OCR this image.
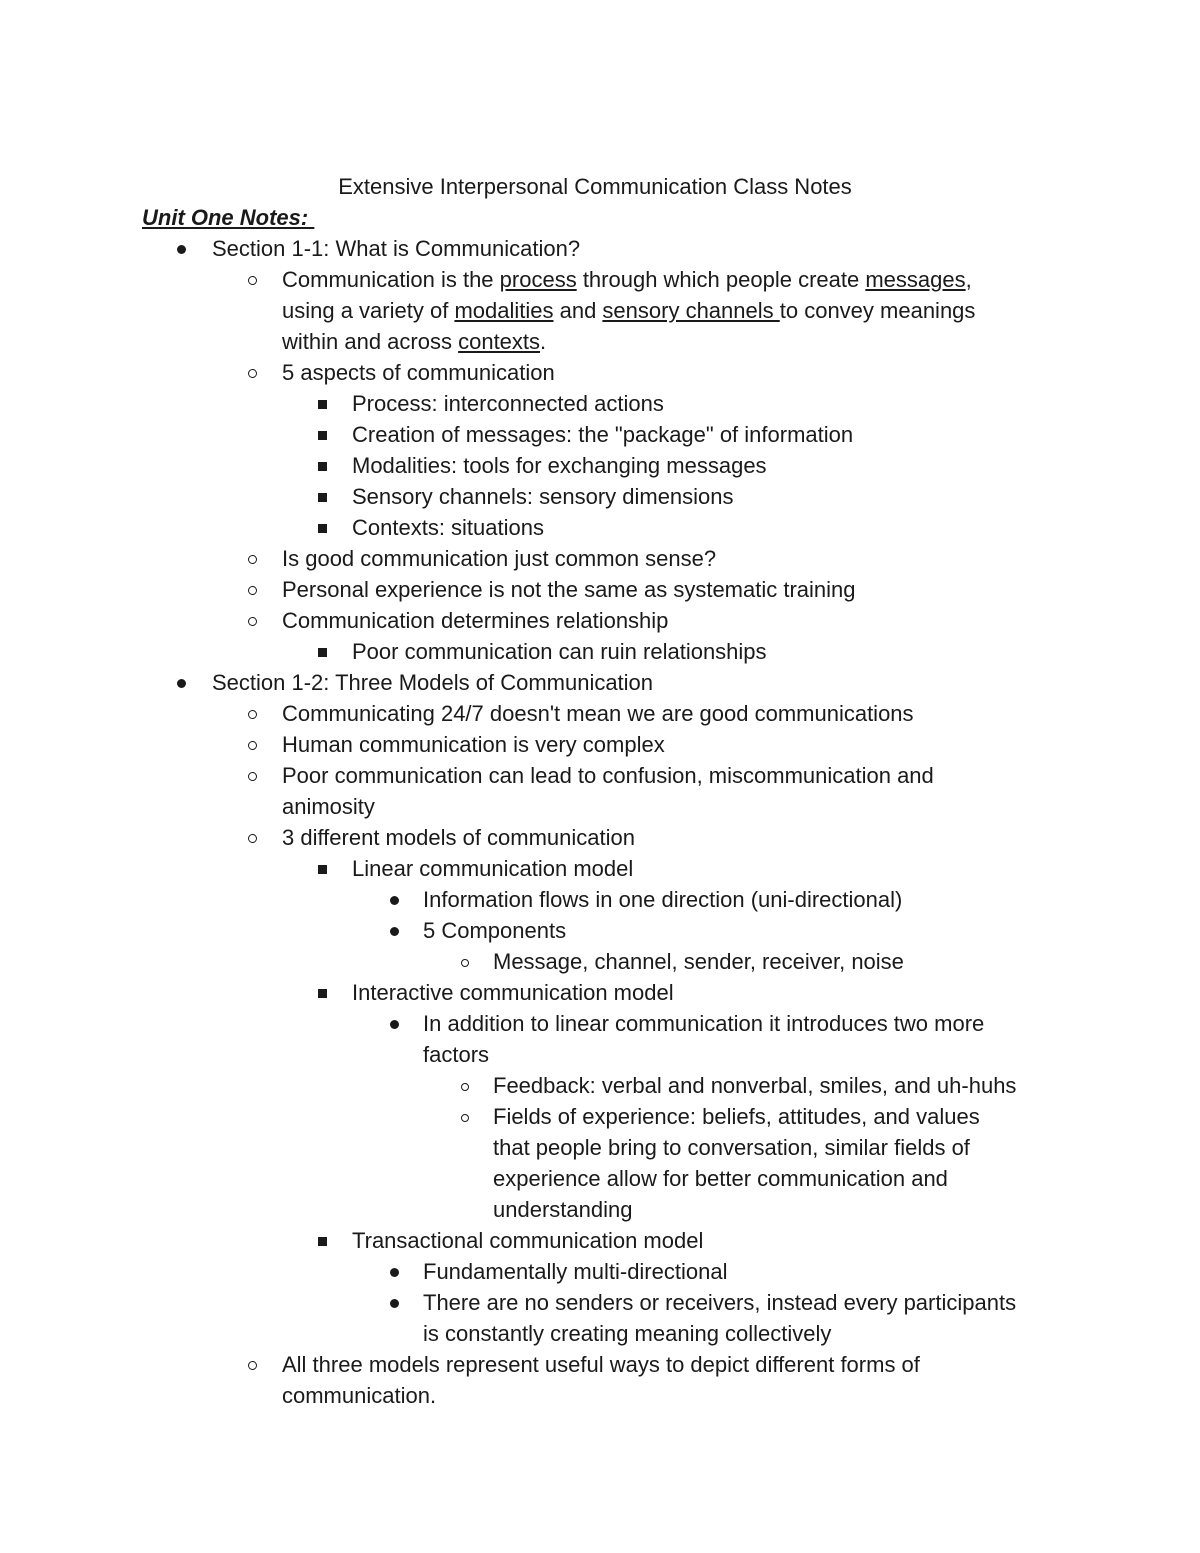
Extensive Interpersonal Communication Class Notes
Unit One Notes:
Section 1-1: What is Communication?
Communication is the process through which people create messages,
using a variety of modalities and sensory channels to convey meanings
within and across contexts.
5 aspects of communication
Process: interconnected actions
Creation of messages: the "package" of information
Modalities: tools for exchanging messages
Sensory channels: sensory dimensions
Contexts: situations
Is good communication just common sense?
Personal experience is not the same as systematic training
Communication determines relationship
Poor communication can ruin relationships
Section 1-2: Three Models of Communication
Communicating 24/7 doesn't mean we are good communications
Human communication is very complex
Poor communication can lead to confusion, miscommunication and
animosity
3 different models of communication
Linear communication model
Information flows in one direction (uni-directional)
5 Components
Message, channel, sender, receiver, noise
Interactive communication model
In addition to linear communication it introduces two more
factors
Feedback: verbal and nonverbal, smiles, and uh-huhs
Fields of experience: beliefs, attitudes, and values
that people bring to conversation, similar fields of
experience allow for better communication and
understanding
Transactional communication model
Fundamentally multi-directional
There are no senders or receivers, instead every participants
is constantly creating meaning collectively
All three models represent useful ways to depict different forms of
communication.
